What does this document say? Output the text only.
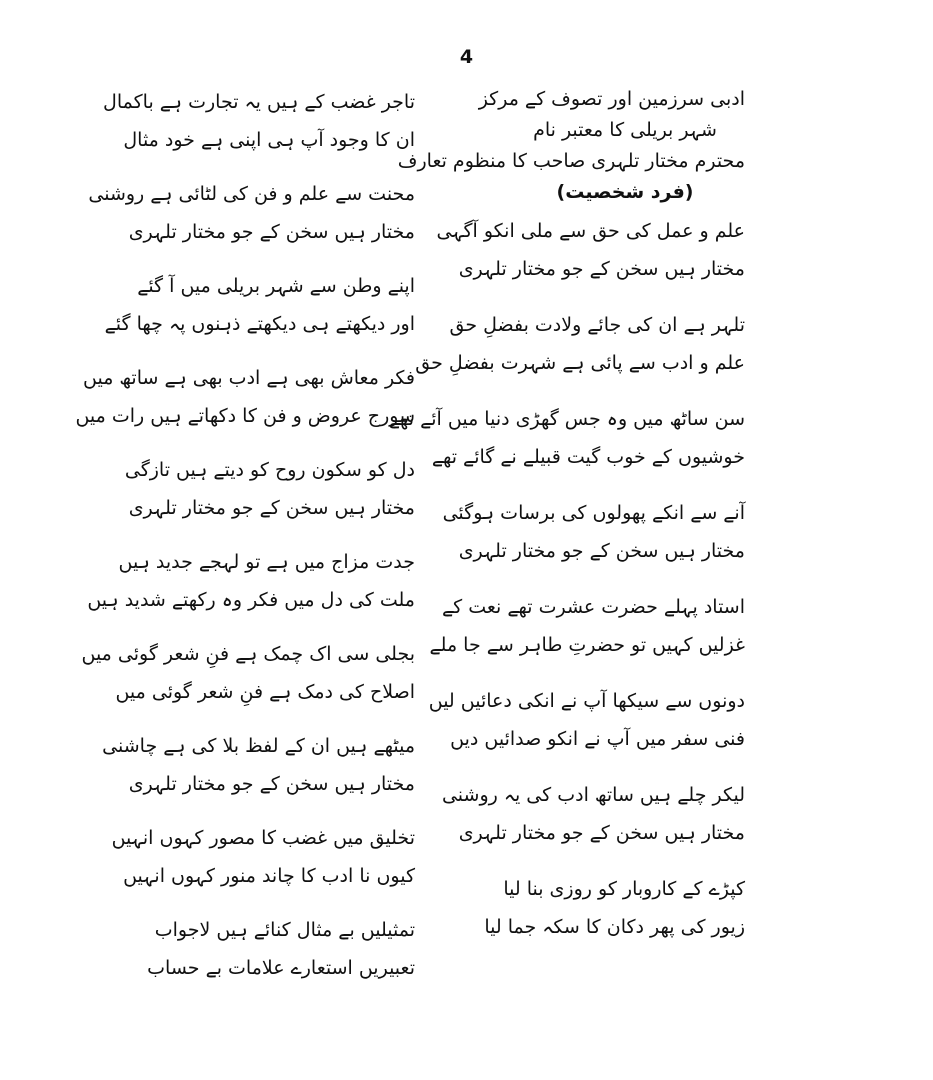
4
ادبی سرزمین اور تصوف کے مرکز
شہر بریلی کا معتبر نام
محترم مختار تلہری صاحب کا منظوم تعارف
(فرد شخصیت)
علم و عمل کی حق سے ملی انکو آگہی
مختار ہیں سخن کے جو مختار تلہری
تلہر ہے ان کی جائے ولادت بفضلِ حق
علم و ادب سے پائی ہے شہرت بفضلِ حق
سن ساٹھ میں وہ جس گھڑی دنیا میں آئے تھے
خوشیوں کے خوب گیت قبیلے نے گائے تھے
آنے سے انکے پھولوں کی برسات ہوگئی
مختار ہیں سخن کے جو مختار تلہری
استاد پہلے حضرت عشرت تھے نعت کے
غزلیں کہیں تو حضرتِ طاہر سے جا ملے
دونوں سے سیکھا آپ نے انکی دعائیں لیں
فنی سفر میں آپ نے انکو صدائیں دیں
لیکر چلے ہیں ساتھ ادب کی یہ روشنی
مختار ہیں سخن کے جو مختار تلہری
کپڑے کے کاروبار کو روزی بنا لیا
زیور کی پھر دکان کا سکہ جما لیا
تاجر غضب کے ہیں یہ تجارت ہے باکمال
ان کا وجود آپ ہی اپنی ہے خود مثال
محنت سے علم و فن کی لٹائی ہے روشنی
مختار ہیں سخن کے جو مختار تلہری
اپنے وطن سے شہر بریلی میں آ گئے
اور دیکھتے ہی دیکھتے ذہنوں پہ چھا گئے
فکر معاش بھی ہے ادب بھی ہے ساتھ میں
سورج عروض و فن کا دکھاتے ہیں رات میں
دل کو سکون روح کو دیتے ہیں تازگی
مختار ہیں سخن کے جو مختار تلہری
جدت مزاج میں ہے تو لہجے جدید ہیں
ملت کی دل میں فکر وہ رکھتے شدید ہیں
بجلی سی اک چمک ہے فنِ شعر گوئی میں
اصلاح کی دمک ہے فنِ شعر گوئی میں
میٹھے ہیں ان کے لفظ بلا کی ہے چاشنی
مختار ہیں سخن کے جو مختار تلہری
تخلیق میں غضب کا مصور کہوں انہیں
کیوں نا ادب کا چاند منور کہوں انہیں
تمثیلیں بے مثال کنائے ہیں لاجواب
تعبیریں استعارے علامات بے حساب
